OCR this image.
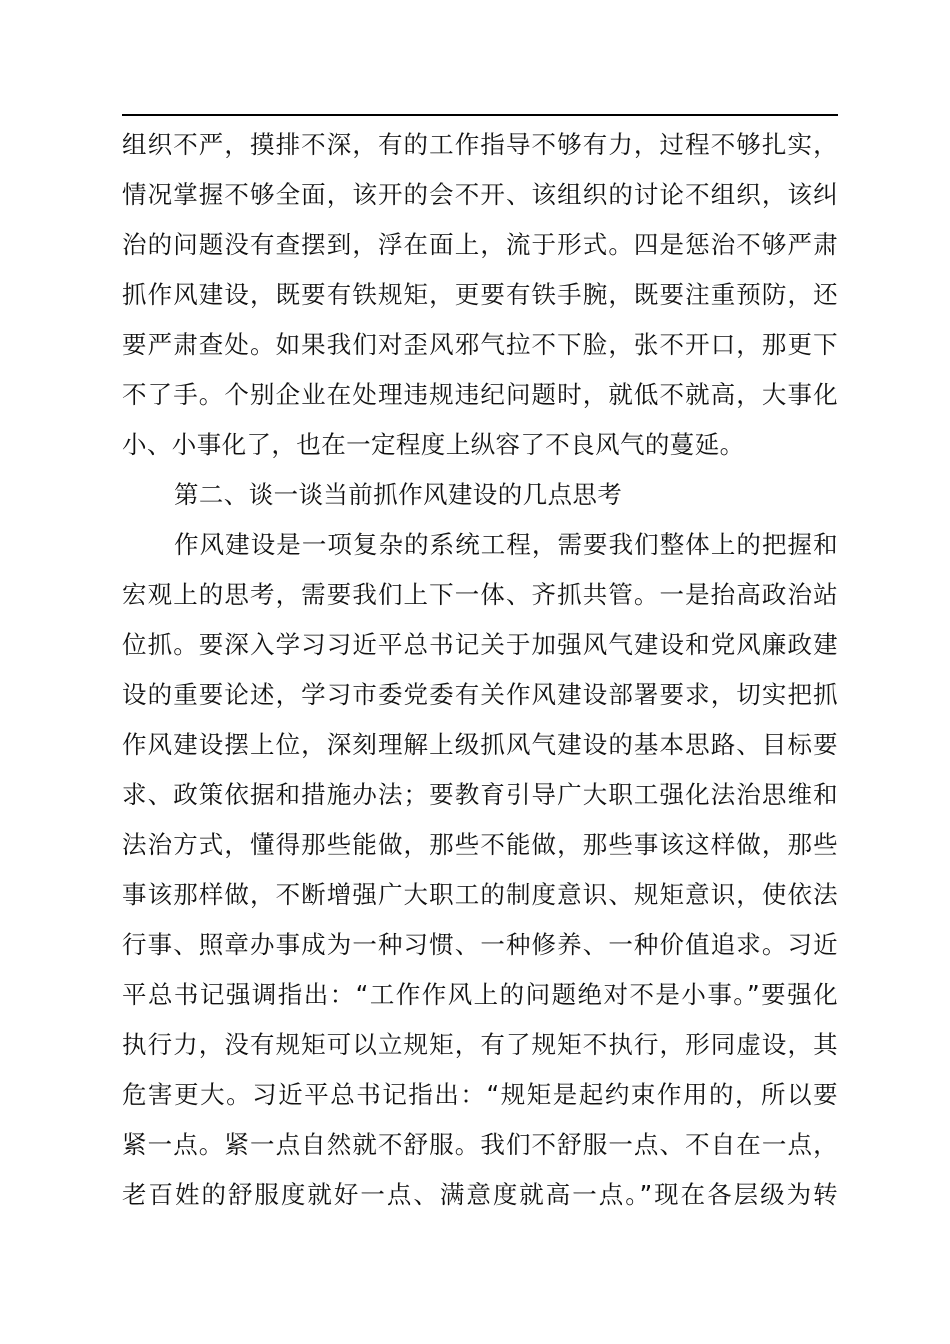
组织不严，摸排不深，有的工作指导不够有力，过程不够扎实，
情况掌握不够全面，该开的会不开、该组织的讨论不组织，该纠
治的问题没有查摆到，浮在面上，流于形式。四是惩治不够严肃
抓作风建设，既要有铁规矩，更要有铁手腕，既要注重预防，还
要严肃查处。如果我们对歪风邪气拉不下脸，张不开口，那更下
不了手。个别企业在处理违规违纪问题时，就低不就高，大事化
小、小事化了，也在一定程度上纵容了不良风气的蔓延。
第二、谈一谈当前抓作风建设的几点思考
作风建设是一项复杂的系统工程，需要我们整体上的把握和
宏观上的思考，需要我们上下一体、齐抓共管。一是抬高政治站
位抓。要深入学习习近平总书记关于加强风气建设和党风廉政建
设的重要论述，学习市委党委有关作风建设部署要求，切实把抓
作风建设摆上位，深刻理解上级抓风气建设的基本思路、目标要
求、政策依据和措施办法；要教育引导广大职工强化法治思维和
法治方式，懂得那些能做，那些不能做，那些事该这样做，那些
事该那样做，不断增强广大职工的制度意识、规矩意识，使依法
行事、照章办事成为一种习惯、一种修养、一种价值追求。习近
平总书记强调指出：“工作作风上的问题绝对不是小事。”要强化
执行力，没有规矩可以立规矩，有了规矩不执行，形同虚设，其
危害更大。习近平总书记指出：“规矩是起约束作用的，所以要
紧一点。紧一点自然就不舒服。我们不舒服一点、不自在一点，
老百姓的舒服度就好一点、满意度就高一点。”现在各层级为转
